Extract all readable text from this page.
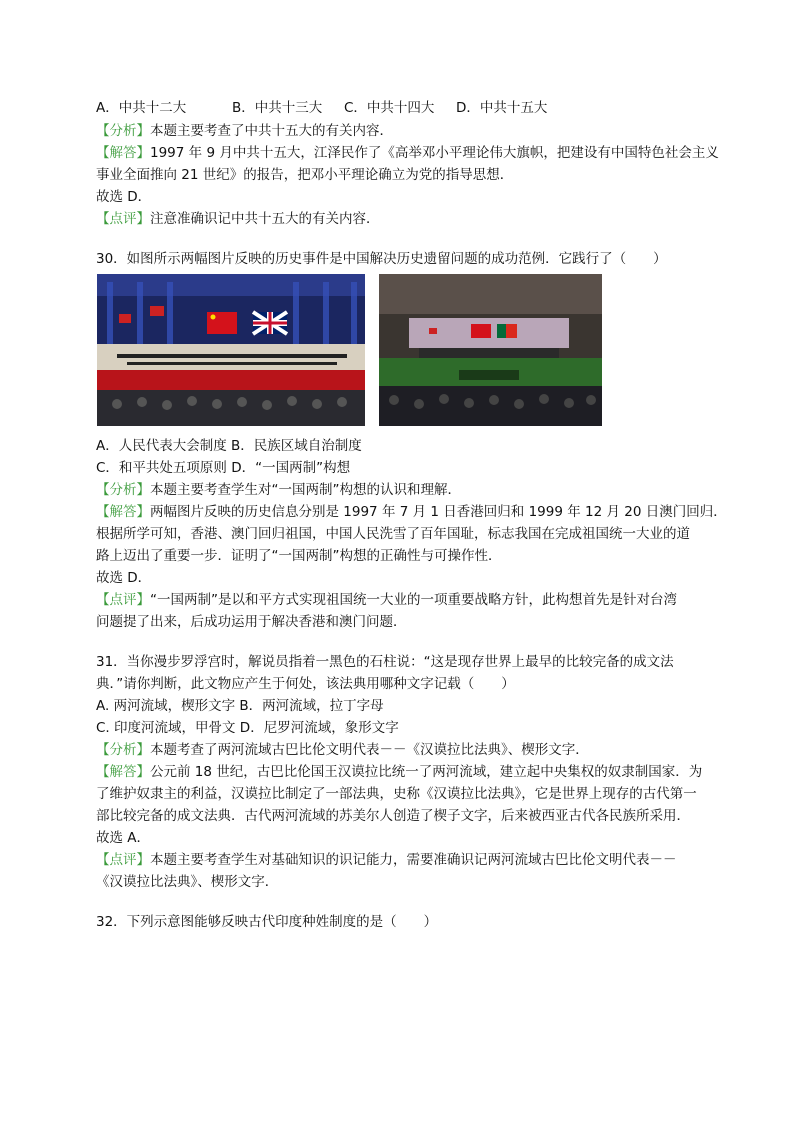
A．中共十二大	B．中共十三大 C．中共十四大 D．中共十五大
【分析】本题主要考查了中共十五大的有关内容．
【解答】1997 年 9 月中共十五大，江泽民作了《高举邓小平理论伟大旗帜，把建设有中国特色社会主义
事业全面推向 21 世纪》的报告，把邓小平理论确立为党的指导思想．
故选 D．
【点评】注意准确识记中共十五大的有关内容．
30．如图所示两幅图片反映的历史事件是中国解决历史遗留问题的成功范例．它践行了（　　）
A．人民代表大会制度 B．民族区域自治制度
C．和平共处五项原则 D．“一国两制”构想
【分析】本题主要考查学生对“一国两制”构想的认识和理解．
【解答】两幅图片反映的历史信息分别是 1997 年 7 月 1 日香港回归和 1999 年 12 月 20 日澳门回归．
根据所学可知，香港、澳门回归祖国，中国人民洗雪了百年国耻，标志我国在完成祖国统一大业的道
路上迈出了重要一步．证明了“一国两制”构想的正确性与可操作性．
故选 D．
【点评】“一国两制”是以和平方式实现祖国统一大业的一项重要战略方针，此构想首先是针对台湾
问题提了出来，后成功运用于解决香港和澳门问题．
31．当你漫步罗浮宫时，解说员指着一黑色的石柱说：“这是现存世界上最早的比较完备的成文法
典．”请你判断，此文物应产生于何处，该法典用哪种文字记载（　　）
A. 两河流域，楔形文字 B．两河流域，拉丁字母
C. 印度河流域，甲骨文 D．尼罗河流域，象形文字
【分析】本题考查了两河流域古巴比伦文明代表－－《汉谟拉比法典》、楔形文字．
【解答】公元前 18 世纪，古巴比伦国王汉谟拉比统一了两河流域，建立起中央集权的奴隶制国家．为
了维护奴隶主的利益，汉谟拉比制定了一部法典，史称《汉谟拉比法典》，它是世界上现存的古代第一
部比较完备的成文法典．古代两河流域的苏美尔人创造了楔子文字，后来被西亚古代各民族所采用．
故选 A．
【点评】本题主要考查学生对基础知识的识记能力，需要准确识记两河流域古巴比伦文明代表－－
《汉谟拉比法典》、楔形文字．
32．下列示意图能够反映古代印度种姓制度的是（　　）
